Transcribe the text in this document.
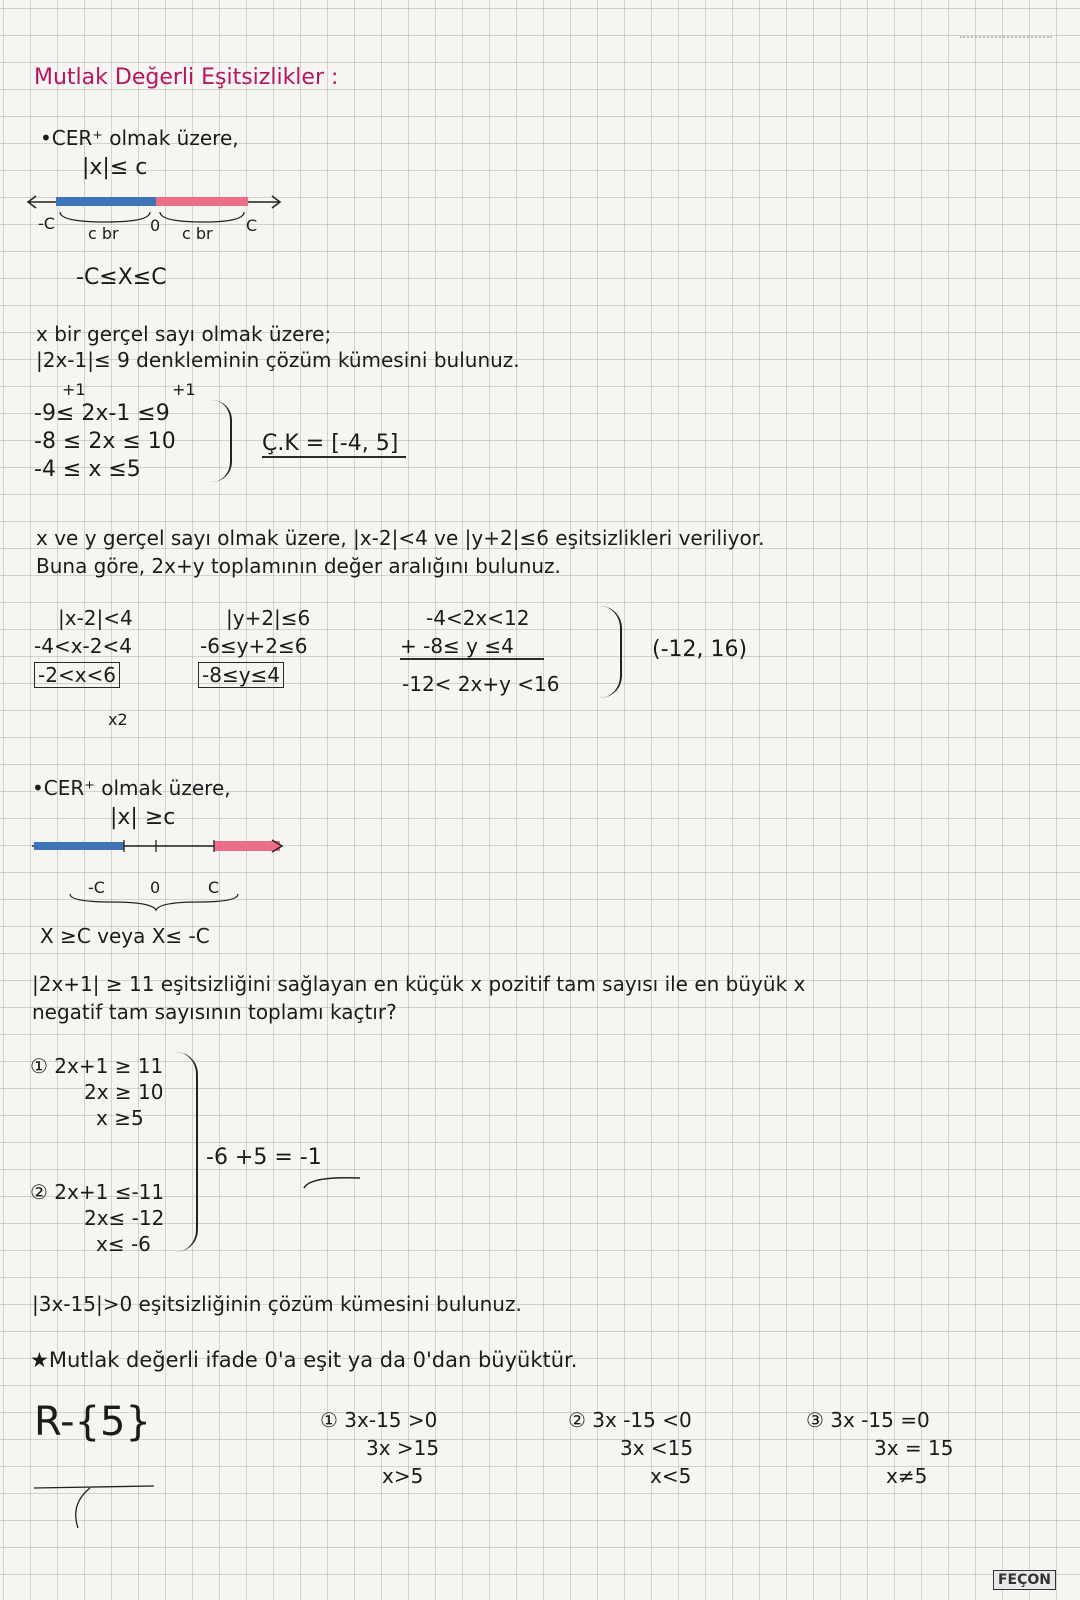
Mutlak Değerli Eşitsizlikler :
•CER⁺ olmak üzere,
|x|≤ c
-C
c br 0 c br C
-C≤X≤C
x bir gerçel sayı olmak üzere;
|2x-1|≤ 9 denkleminin çözüm kümesini bulunuz.
+1	+1
-9≤ 2x-1 ≤9
-8 ≤ 2x ≤ 10
-4 ≤ x ≤5
Ç.K = [-4, 5]
x ve y gerçel sayı olmak üzere, |x-2|<4 ve |y+2|≤6 eşitsizlikleri veriliyor.
Buna göre, 2x+y toplamının değer aralığını bulunuz.
|x-2|<4
-4<x-2<4
-2<x<6
x2
|y+2|≤6
-6≤y+2≤6
-8≤y≤4
-4<2x<12
+ -8≤ y ≤4
-12< 2x+y <16
(-12, 16)
•CER⁺ olmak üzere,
|x| ≥c
-C	0	C
X ≥C veya X≤ -C
|2x+1| ≥ 11 eşitsizliğini sağlayan en küçük x pozitif tam sayısı ile en büyük x
negatif tam sayısının toplamı kaçtır?
① 2x+1 ≥ 11
2x ≥ 10
x ≥5
② 2x+1 ≤-11
2x≤ -12
x≤ -6
-6 +5 = -1
|3x-15|>0 eşitsizliğinin çözüm kümesini bulunuz.
★Mutlak değerli ifade 0'a eşit ya da 0'dan büyüktür.
R-{5}	① 3x-15 >0
3x >15
x>5
② 3x -15 <0
3x <15
x<5
③ 3x -15 =0
3x = 15
x≠5
FEÇON
